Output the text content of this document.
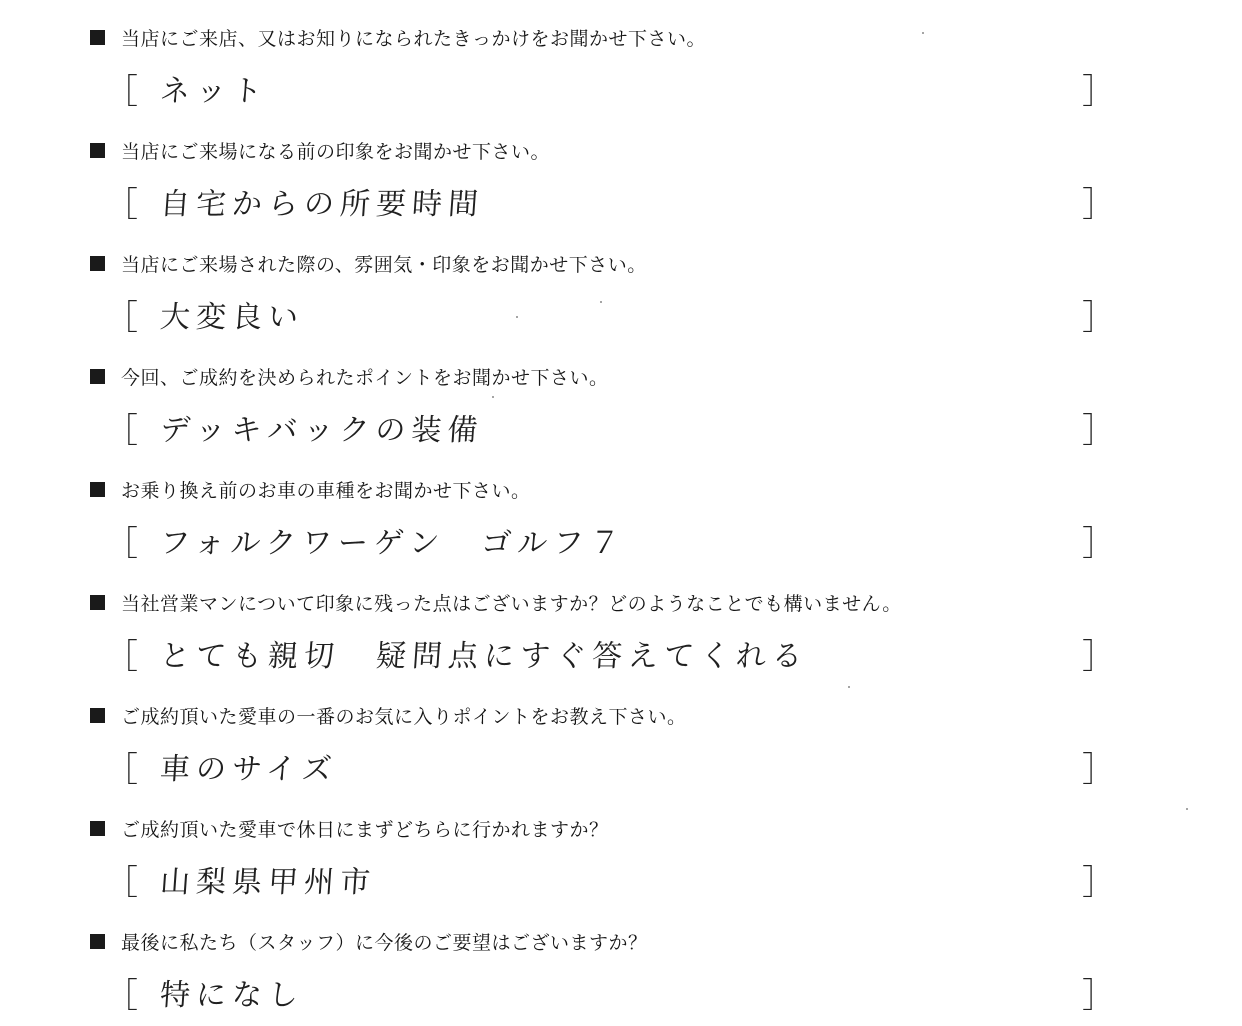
当店にご来店、又はお知りになられたきっかけをお聞かせ下さい。
［ ネット	］
当店にご来場になる前の印象をお聞かせ下さい。
［ 自宅からの所要時間	］
当店にご来場された際の、雰囲気・印象をお聞かせ下さい。
［ 大変良い	］
今回、ご成約を決められたポイントをお聞かせ下さい。
［ デッキバックの装備	］
お乗り換え前のお車の車種をお聞かせ下さい。
［ フォルクワーゲン　ゴルフ７	］
当社営業マンについて印象に残った点はございますか？どのようなことでも構いません。
［ とても親切　疑問点にすぐ答えてくれる	］
ご成約頂いた愛車の一番のお気に入りポイントをお教え下さい。
［ 車のサイズ	］
ご成約頂いた愛車で休日にまずどちらに行かれますか？
［ 山梨県甲州市	］
最後に私たち（スタッフ）に今後のご要望はございますか？
［ 特になし	］
